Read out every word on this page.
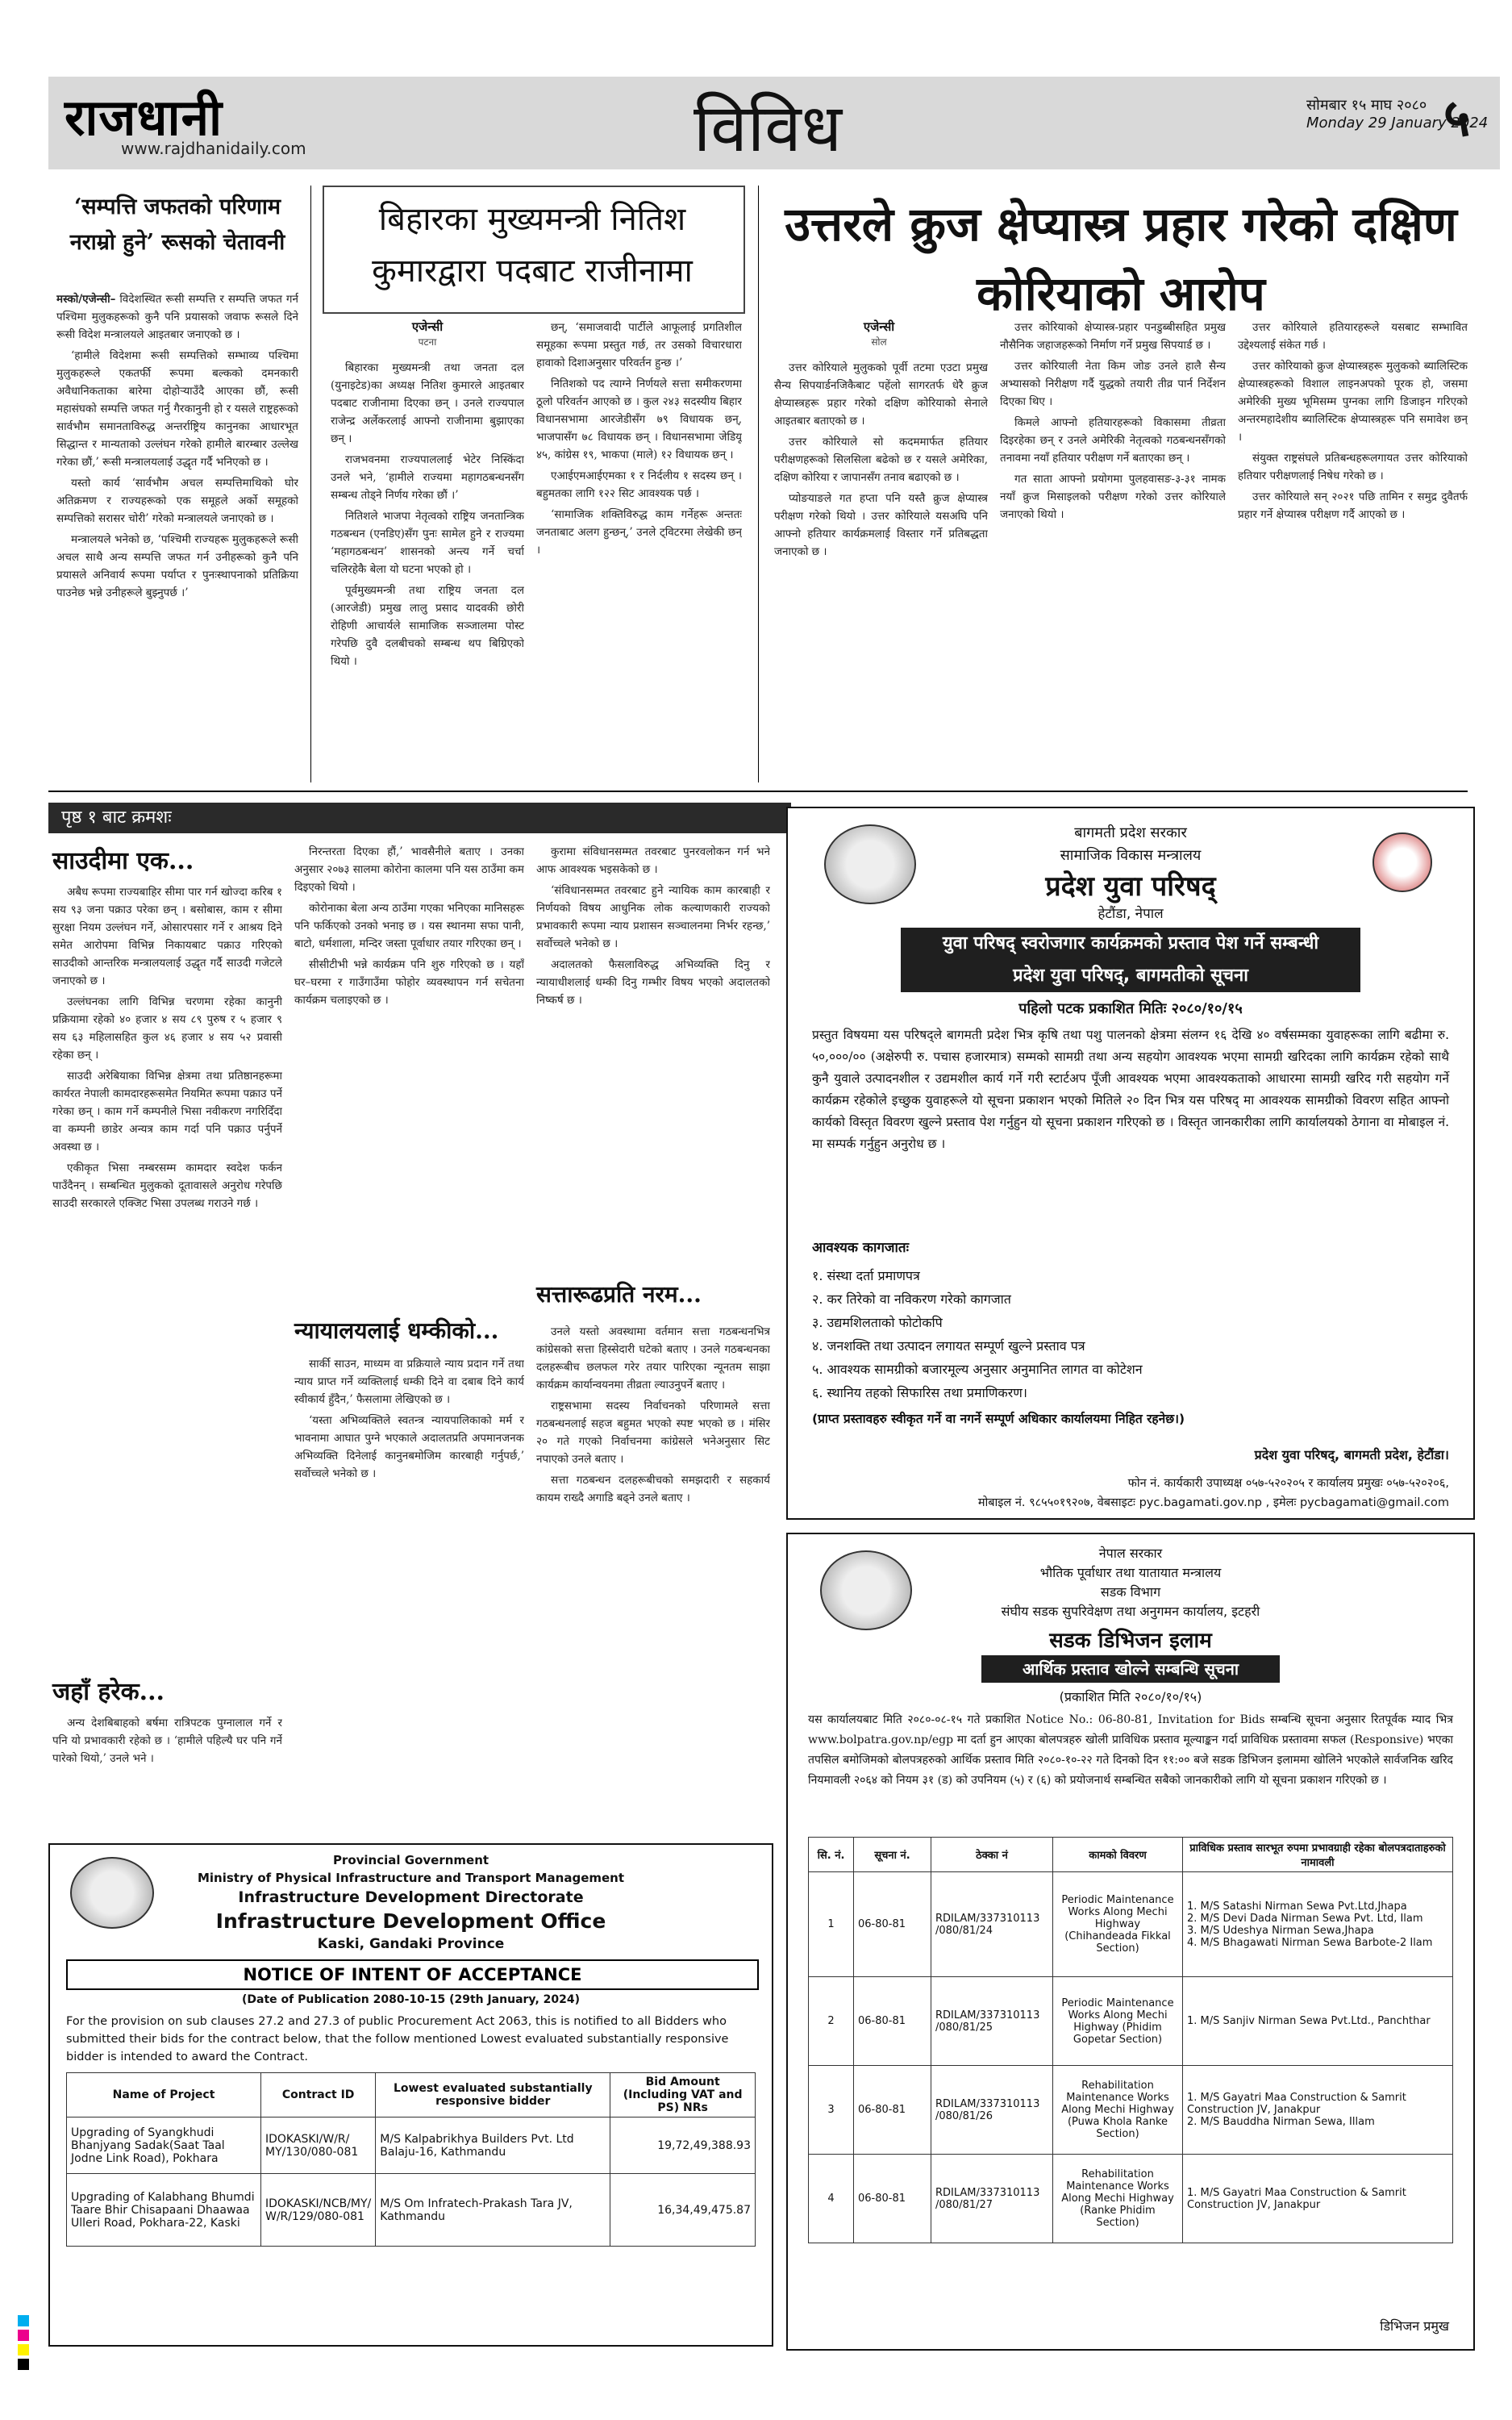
राजधानी
www.rajdhanidaily.com	विविध	सोमबार १५ माघ २०८०
Monday 29 January 2024
५
‘सम्पत्ति जफतको परिणाम नराम्रो हुने’ रूसको चेतावनी

मस्को/एजेन्सी– विदेशस्थित रूसी सम्पत्ति र सम्पत्ति जफत गर्न पश्चिमा मुलुकहरूको कुनै पनि प्रयासको जवाफ रूसले दिने रूसी विदेश मन्त्रालयले आइतबार जनाएको छ ।

‘हामीले विदेशमा रूसी सम्पत्तिको सम्भाव्य पश्चिमा मुलुकहरूले एकतर्फी रूपमा बल्कको दमनकारी अवैधानिकताका बारेमा दोहोर्‍याउँदै आएका छौं, रूसी महासंघको सम्पत्ति जफत गर्नु गैरकानुनी हो र यसले राष्ट्रहरूको सार्वभौम समानताविरुद्ध अन्तर्राष्ट्रिय कानुनका आधारभूत सिद्धान्त र मान्यताको उल्लंघन गरेको हामीले बारम्बार उल्लेख गरेका छौं,’ रूसी मन्त्रालयलाई उद्धृत गर्दै भनिएको छ ।

यस्तो कार्य ‘सार्वभौम अचल सम्पत्तिमाथिको घोर अतिक्रमण र राज्यहरूको एक समूहले अर्को समूहको सम्पत्तिको सरासर चोरी’ गरेको मन्त्रालयले जनाएको छ ।

मन्त्रालयले भनेको छ, ‘पश्चिमी राज्यहरू मुलुकहरूले रूसी अचल साथै अन्य सम्पत्ति जफत गर्न उनीहरूको कुनै पनि प्रयासले अनिवार्य रूपमा पर्याप्त र पुनःस्थापनाको प्रतिक्रिया पाउनेछ भन्ने उनीहरूले बुझ्नुपर्छ ।’

बिहारका मुख्यमन्त्री नितिश कुमारद्वारा पदबाट राजीनामा
एजेन्सी
पटना

बिहारका मुख्यमन्त्री तथा जनता दल (युनाइटेड)का अध्यक्ष नितिश कुमारले आइतबार पदबाट राजीनामा दिएका छन् । उनले राज्यपाल राजेन्द्र अर्लेकरलाई आफ्नो राजीनामा बुझाएका छन् ।

राजभवनमा राज्यपाललाई भेटेर निस्किंदा उनले भने, ‘हामीले राज्यमा महागठबन्धनसँग सम्बन्ध तोड्ने निर्णय गरेका छौं ।’

नितिशले भाजपा नेतृत्वको राष्ट्रिय जनतान्त्रिक गठबन्धन (एनडिए)सँग पुनः सामेल हुने र राज्यमा ‘महागठबन्धन’ शासनको अन्त्य गर्ने चर्चा चलिरहेकै बेला यो घटना भएको हो ।

पूर्वमुख्यमन्त्री तथा राष्ट्रिय जनता दल (आरजेडी) प्रमुख लालु प्रसाद यादवकी छोरी रोहिणी आचार्यले सामाजिक सञ्जालमा पोस्ट गरेपछि दुवै दलबीचको सम्बन्ध थप बिग्रिएको थियो ।

छन्, ‘समाजवादी पार्टीले आफूलाई प्रगतिशील समूहका रूपमा प्रस्तुत गर्छ, तर उसको विचारधारा हावाको दिशाअनुसार परिवर्तन हुन्छ ।’

नितिशको पद त्याग्ने निर्णयले सत्ता समीकरणमा ठूलो परिवर्तन आएको छ । कुल २४३ सदस्यीय बिहार विधानसभामा आरजेडीसँग ७९ विधायक छन्, भाजपासँग ७८ विधायक छन् । विधानसभामा जेडियू ४५, कांग्रेस १९, भाकपा (माले) १२ विधायक छन् ।

एआईएमआईएमका १ र निर्दलीय १ सदस्य छन् । बहुमतका लागि १२२ सिट आवश्यक पर्छ ।

‘सामाजिक शक्तिविरुद्ध काम गर्नेहरू अन्ततः जनताबाट अलग हुन्छन्,’ उनले ट्विटरमा लेखेकी छन् ।

उत्तरले क्रुज क्षेप्यास्त्र प्रहार गरेको दक्षिण कोरियाको आरोप
एजेन्सी
सोल

उत्तर कोरियाले मुलुकको पूर्वी तटमा एउटा प्रमुख सैन्य सिपयार्डनजिकैबाट पहेंलो सागरतर्फ धेरै क्रुज क्षेप्यास्त्रहरू प्रहार गरेको दक्षिण कोरियाको सेनाले आइतबार बताएको छ ।

उत्तर कोरियाले सो कदममार्फत हतियार परीक्षणहरूको सिलसिला बढेको छ र यसले अमेरिका, दक्षिण कोरिया र जापानसँग तनाव बढाएको छ ।

प्योङयाङले गत हप्ता पनि यस्तै क्रुज क्षेप्यास्त्र परीक्षण गरेको थियो । उत्तर कोरियाले यसअघि पनि आफ्नो हतियार कार्यक्रमलाई विस्तार गर्ने प्रतिबद्धता जनाएको छ ।

उत्तर कोरियाको क्षेप्यास्त्र-प्रहार पनडुब्बीसहित प्रमुख नौसैनिक जहाजहरूको निर्माण गर्ने प्रमुख सिपयार्ड छ ।

उत्तर कोरियाली नेता किम जोङ उनले हालै सैन्य अभ्यासको निरीक्षण गर्दै युद्धको तयारी तीव्र पार्न निर्देशन दिएका थिए ।

किमले आफ्नो हतियारहरूको विकासमा तीव्रता दिइरहेका छन् र उनले अमेरिकी नेतृत्वको गठबन्धनसँगको तनावमा नयाँ हतियार परीक्षण गर्ने बताएका छन् ।

गत साता आफ्नो प्रयोगमा पुलहवासङ-३-३१ नामक नयाँ क्रुज मिसाइलको परीक्षण गरेको उत्तर कोरियाले जनाएको थियो ।

उत्तर कोरियाले हतियारहरूले यसबाट सम्भावित उद्देश्यलाई संकेत गर्छ ।

उत्तर कोरियाको क्रुज क्षेप्यास्त्रहरू मुलुकको ब्यालिस्टिक क्षेप्यास्त्रहरूको विशाल लाइनअपको पूरक हो, जसमा अमेरिकी मुख्य भूमिसम्म पुग्नका लागि डिजाइन गरिएको अन्तरमहादेशीय ब्यालिस्टिक क्षेप्यास्त्रहरू पनि समावेश छन् ।

संयुक्त राष्ट्रसंघले प्रतिबन्धहरूलगायत उत्तर कोरियाको हतियार परीक्षणलाई निषेध गरेको छ ।

उत्तर कोरियाले सन् २०२१ पछि तामिन र समुद्र दुवैतर्फ प्रहार गर्ने क्षेप्यास्त्र परीक्षण गर्दै आएको छ ।

पृष्ठ १ बाट क्रमशः
साउदीमा एक...

अबैध रूपमा राज्यबाहिर सीमा पार गर्न खोज्दा करिब १ सय ९३ जना पक्राउ परेका छन् । बसोबास, काम र सीमा सुरक्षा नियम उल्लंघन गर्ने, ओसारपसार गर्ने र आश्रय दिने समेत आरोपमा विभिन्न निकायबाट पक्राउ गरिएको साउदीको आन्तरिक मन्त्रालयलाई उद्धृत गर्दै साउदी गजेटले जनाएको छ ।

उल्लंघनका लागि विभिन्न चरणमा रहेका कानुनी प्रक्रियामा रहेको ४० हजार ४ सय ८९ पुरुष र ५ हजार ९ सय ६३ महिलासहित कुल ४६ हजार ४ सय ५२ प्रवासी रहेका छन् ।

साउदी अरेबियाका विभिन्न क्षेत्रमा तथा प्रतिष्ठानहरूमा कार्यरत नेपाली कामदारहरूसमेत नियमित रूपमा पक्राउ पर्ने गरेका छन् । काम गर्ने कम्पनीले भिसा नवीकरण नगरिदिँदा वा कम्पनी छाडेर अन्यत्र काम गर्दा पनि पक्राउ पर्नुपर्ने अवस्था छ ।

एकीकृत भिसा नम्बरसम्म कामदार स्वदेश फर्कन पाउँदैनन् । सम्बन्धित मुलुकको दूतावासले अनुरोध गरेपछि साउदी सरकारले एक्जिट भिसा उपलब्ध गराउने गर्छ ।

जहाँ हरेक...

अन्य देशबिबाहको बर्षमा रात्रिपटक पुग्नालाल गर्ने र पनि यो प्रभावकारी रहेको छ । ‘हामीले पहिल्यै घर पनि गर्ने पारेको थियो,’ उनले भने ।

निरन्तरता दिएका हौं,’ भावसैनीले बताए । उनका अनुसार २०७३ सालमा कोरोना कालमा पनि यस ठाउँमा कम दिइएको थियो ।

कोरोनाका बेला अन्य ठाउँमा गएका भनिएका मानिसहरू पनि फर्किएको उनको भनाइ छ । यस स्थानमा सफा पानी, बाटो, धर्मशाला, मन्दिर जस्ता पूर्वाधार तयार गरिएका छन् ।

सीसीटीभी भन्ने कार्यक्रम पनि शुरु गरिएको छ । यहाँ घर–घरमा र गाउँगाउँमा फोहोर व्यवस्थापन गर्न सचेतना कार्यक्रम चलाइएको छ ।

न्यायालयलाई धम्कीको...

सार्की साउन, माध्यम वा प्रक्रियाले न्याय प्रदान गर्ने तथा न्याय प्राप्त गर्ने व्यक्तिलाई धम्की दिने वा दबाब दिने कार्य स्वीकार्य हुँदैन,’ फैसलामा लेखिएको छ ।

‘यस्ता अभिव्यक्तिले स्वतन्त्र न्यायपालिकाको मर्म र भावनामा आघात पुग्ने भएकाले अदालतप्रति अपमानजनक अभिव्यक्ति दिनेलाई कानुनबमोजिम कारबाही गर्नुपर्छ,’ सर्वोच्चले भनेको छ ।

कुरामा संविधानसम्मत तवरबाट पुनरवलोकन गर्न भने आफ आवश्यक भइसकेको छ ।

‘संविधानसम्मत तवरबाट हुने न्यायिक काम कारबाही र निर्णयको विषय आधुनिक लोक कल्याणकारी राज्यको प्रभावकारी रूपमा न्याय प्रशासन सञ्चालनमा निर्भर रहन्छ,’ सर्वोच्चले भनेको छ ।

अदालतको फैसलाविरुद्ध अभिव्यक्ति दिनु र न्यायाधीशलाई धम्की दिनु गम्भीर विषय भएको अदालतको निष्कर्ष छ ।

सत्तारूढप्रति नरम...

उनले यस्तो अवस्थामा वर्तमान सत्ता गठबन्धनभित्र कांग्रेसको सत्ता हिस्सेदारी घटेको बताए । उनले गठबन्धनका दलहरूबीच छलफल गरेर तयार पारिएका न्यूनतम साझा कार्यक्रम कार्यान्वयनमा तीव्रता ल्याउनुपर्ने बताए ।

राष्ट्रसभामा सदस्य निर्वाचनको परिणामले सत्ता गठबन्धनलाई सहज बहुमत भएको स्पष्ट भएको छ । मंसिर २० गते गएको निर्वाचनमा कांग्रेसले भनेअनुसार सिट नपाएको उनले बताए ।

सत्ता गठबन्धन दलहरूबीचको समझदारी र सहकार्य कायम राख्दै अगाडि बढ्ने उनले बताए ।

बागमती प्रदेश सरकार
सामाजिक विकास मन्त्रालय
प्रदेश युवा परिषद्
हेटौंडा, नेपाल
युवा परिषद् स्वरोजगार कार्यक्रमको प्रस्ताव पेश गर्ने सम्बन्धी
प्रदेश युवा परिषद्, बागमतीको सूचना
पहिलो पटक प्रकाशित मितिः २०८०/१०/१५
प्रस्तुत विषयमा यस परिषद्ले बागमती प्रदेश भित्र कृषि तथा पशु पालनको क्षेत्रमा संलग्न १६ देखि ४० वर्षसम्मका युवाहरूका लागि बढीमा रु. ५०,०००/०० (अक्षेरुपी रु. पचास हजारमात्र) सम्मको सामग्री तथा अन्य सहयोग आवश्यक भएमा सामग्री खरिदका लागि कार्यक्रम रहेको साथै कुनै युवाले उत्पादनशील र उद्यमशील कार्य गर्ने गरी स्टार्टअप पूँजी आवश्यक भएमा आवश्यकताको आधारमा सामग्री खरिद गरी सहयोग गर्ने कार्यक्रम रहेकोले इच्छुक युवाहरूले यो सूचना प्रकाशन भएको मितिले २० दिन भित्र यस परिषद् मा आवश्यक सामग्रीको विवरण सहित आफ्नो कार्यको विस्तृत विवरण खुल्ने प्रस्ताव पेश गर्नुहुन यो सूचना प्रकाशन गरिएको छ । विस्तृत जानकारीका लागि कार्यालयको ठेगाना वा मोबाइल नं. मा सम्पर्क गर्नुहुन अनुरोध छ ।
आवश्यक कागजातः
१. संस्था दर्ता प्रमाणपत्र
२. कर तिरेको वा नविकरण गरेको कागजात
३. उद्यमशिलताको फोटोकपि
४. जनशक्ति तथा उत्पादन लगायत सम्पूर्ण खुल्ने प्रस्ताव पत्र
५. आवश्यक सामग्रीको बजारमूल्य अनुसार अनुमानित लागत वा कोटेशन
६. स्थानिय तहको सिफारिस तथा प्रमाणिकरण।
(प्राप्त प्रस्तावहरु स्वीकृत गर्ने वा नगर्ने सम्पूर्ण अधिकार कार्यालयमा निहित रहनेछ।)
प्रदेश युवा परिषद्, बागमती प्रदेश, हेटौंडा।
फोन नं. कार्यकारी उपाध्यक्ष ०५७-५२०२०५ र कार्यालय प्रमुखः ०५७-५२०२०६,
मोबाइल नं. ९८५५०१९२०७, वेबसाइटः pyc.bagamati.gov.np , इमेलः pycbagamati@gmail.com
नेपाल सरकार
भौतिक पूर्वाधार तथा यातायात मन्त्रालय
सडक विभाग
संघीय सडक सुपरिवेक्षण तथा अनुगमन कार्यालय, इटहरी
सडक डिभिजन इलाम
आर्थिक प्रस्ताव खोल्ने सम्बन्धि सूचना
(प्रकाशित मिति २०८०/१०/१५)
यस कार्यालयबाट मिति २०८०-०८-१५ गते प्रकाशित Notice No.: 06-80-81, Invitation for Bids सम्बन्धि सूचना अनुसार रितपूर्वक म्याद भित्र www.bolpatra.gov.np/egp मा दर्ता हुन आएका बोलपत्रहरु खोली प्राविधिक प्रस्ताव मूल्याङ्कन गर्दा प्राविधिक प्रस्तावमा सफल (Responsive) भएका तपसिल बमोजिमको बोलपत्रहरुको आर्थिक प्रस्ताव मिति २०८०-१०-२२ गते दिनको दिन ११:०० बजे सडक डिभिजन इलाममा खोलिने भएकोले सार्वजनिक खरिद नियमावली २०६४ को नियम ३१ (ड) को उपनियम (५) र (६) को प्रयोजनार्थ सम्बन्धित सबैको जानकारीको लागि यो सूचना प्रकाशन गरिएको छ ।
सि. नं.	सूचना नं.	ठेक्का नं	कामको विवरण	प्राविधिक प्रस्ताव सारभूत रुपमा प्रभावग्राही रहेका बोलपत्रदाताहरुको नामावली
1	06-80-81	RDILAM/337310113 /080/81/24	Periodic Maintenance Works Along Mechi Highway (Chihandeada Fikkal Section)	1. M/S Satashi Nirman Sewa Pvt.Ltd,Jhapa
2. M/S Devi Dada Nirman Sewa Pvt. Ltd, Ilam
3. M/S Udeshya Nirman Sewa,Jhapa
4. M/S Bhagawati Nirman Sewa Barbote-2 Ilam

2	06-80-81	RDILAM/337310113 /080/81/25	Periodic Maintenance Works Along Mechi Highway (Phidim Gopetar Section)	1. M/S Sanjiv Nirman Sewa Pvt.Ltd., Panchthar

3	06-80-81	RDILAM/337310113 /080/81/26	Rehabilitation Maintenance Works Along Mechi Highway (Puwa Khola Ranke Section)	1. M/S Gayatri Maa Construction & Samrit Construction JV, Janakpur
2. M/S Bauddha Nirman Sewa, Illam

4	06-80-81	RDILAM/337310113 /080/81/27	Rehabilitation Maintenance Works Along Mechi Highway (Ranke Phidim Section)	1. M/S Gayatri Maa Construction & Samrit Construction JV, Janakpur
डिभिजन प्रमुख
Provincial Government
Ministry of Physical Infrastructure and Transport Management
Infrastructure Development Directorate
Infrastructure Development Office
Kaski, Gandaki Province
NOTICE OF INTENT OF ACCEPTANCE
(Date of Publication 2080-10-15 (29th January, 2024)
For the provision on sub clauses 27.2 and 27.3 of public Procurement Act 2063, this is notified to all Bidders who submitted their bids for the contract below, that the follow mentioned Lowest evaluated substantially responsive bidder is intended to award the Contract.
Name of Project	Contract ID	Lowest evaluated substantially responsive bidder	Bid Amount (Including VAT and PS) NRs
Upgrading of Syangkhudi Bhanjyang Sadak(Saat Taal Jodne Link Road), Pokhara	IDOKASKI/W/R/ MY/130/080-081	M/S Kalpabrikhya Builders Pvt. Ltd Balaju-16, Kathmandu	19,72,49,388.93
Upgrading of Kalabhang Bhumdi Taare Bhir Chisapaani Dhaawaa Ulleri Road, Pokhara-22, Kaski	IDOKASKI/NCB/MY/ W/R/129/080-081	M/S Om Infratech-Prakash Tara JV, Kathmandu	16,34,49,475.87
